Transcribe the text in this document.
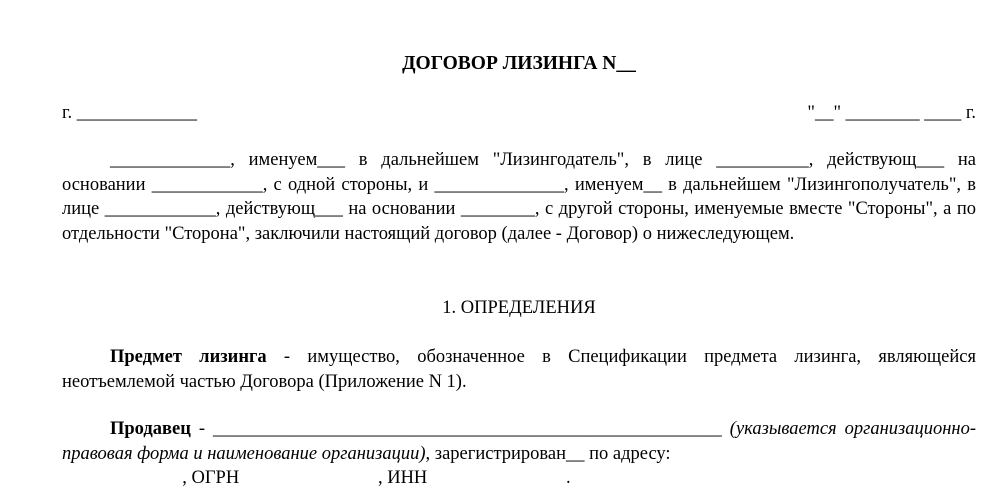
ДОГОВОР ЛИЗИНГА N__
г. _____________	"__" ________ ____ г.
_____________, именуем___ в дальнейшем "Лизингодатель", в лице __________, действующ___ на основании ____________, с одной стороны, и ______________, именуем__ в дальнейшем "Лизингополучатель", в лице ____________, действующ___ на основании ________, с другой стороны, именуемые вместе "Стороны", а по отдельности "Сторона", заключили настоящий договор (далее - Договор) о нижеследующем.
1. ОПРЕДЕЛЕНИЯ
Предмет лизинга - имущество, обозначенное в Спецификации предмета лизинга, являющейся неотъемлемой частью Договора (Приложение N 1).
Продавец - _______________________________________________________ (указывается организационно-правовая форма и наименование организации), зарегистрирован__ по адресу:
, ОГРН                              , ИНН                              .
